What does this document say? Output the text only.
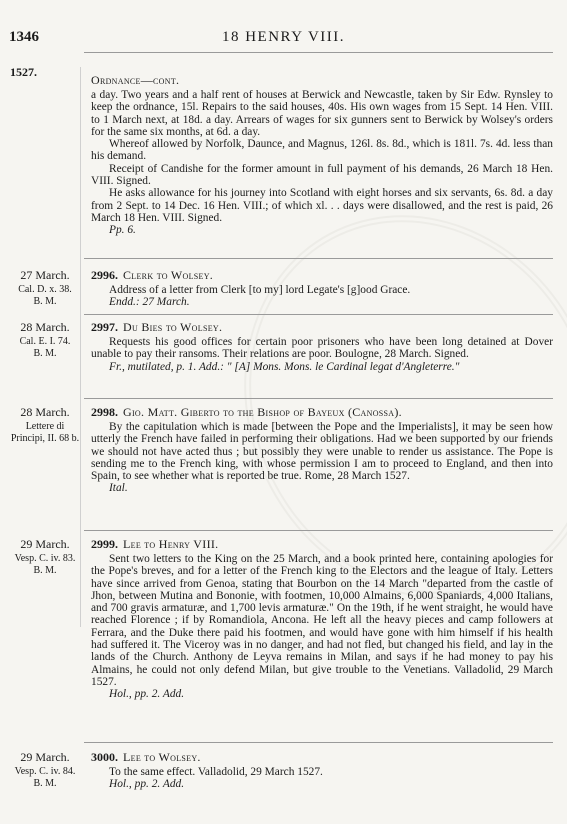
1346	18 HENRY VIII.
1527.
Ordnance—cont.

a day. Two years and a half rent of houses at Berwick and Newcastle, taken by Sir Edw. Rynsley to keep the ordnance, 15l. Repairs to the said houses, 40s. His own wages from 15 Sept. 14 Hen. VIII. to 1 March next, at 18d. a day. Arrears of wages for six gunners sent to Berwick by Wolsey's orders for the same six months, at 6d. a day.

Whereof allowed by Norfolk, Daunce, and Magnus, 126l. 8s. 8d., which is 181l. 7s. 4d. less than his demand.

Receipt of Candishe for the former amount in full payment of his demands, 26 March 18 Hen. VIII. Signed.

He asks allowance for his journey into Scotland with eight horses and six servants, 6s. 8d. a day from 2 Sept. to 14 Dec. 16 Hen. VIII.; of which xl. . . days were disallowed, and the rest is paid, 26 March 18 Hen. VIII. Signed.

Pp. 6.
27 March.
Cal. D. x. 38.
B. M.
2996. Clerk to Wolsey.

Address of a letter from Clerk [to my] lord Legate's [g]ood Grace.

Endd.: 27 March.
28 March.
Cal. E. I. 74.
B. M.
2997. Du Bies to Wolsey.

Requests his good offices for certain poor prisoners who have been long detained at Dover unable to pay their ransoms. Their relations are poor. Boulogne, 28 March. Signed.

Fr., mutilated, p. 1. Add.: " [A] Mons. Mons. le Cardinal legat d'Angleterre."
28 March.
Lettere di Principi, II. 68 b.
2998. Gio. Matt. Giberto to the Bishop of Bayeux (Canossa).

By the capitulation which is made [between the Pope and the Imperialists], it may be seen how utterly the French have failed in performing their obligations. Had we been supported by our friends we should not have acted thus ; but possibly they were unable to render us assistance. The Pope is sending me to the French king, with whose permission I am to proceed to England, and then into Spain, to see whether what is reported be true. Rome, 28 March 1527.

Ital.
29 March.
Vesp. C. iv. 83.
B. M.
2999. Lee to Henry VIII.

Sent two letters to the King on the 25 March, and a book printed here, containing apologies for the Pope's breves, and for a letter of the French king to the Electors and the league of Italy. Letters have since arrived from Genoa, stating that Bourbon on the 14 March "departed from the castle of Jhon, between Mutina and Bononie, with footmen, 10,000 Almains, 6,000 Spaniards, 4,000 Italians, and 700 gravis armaturæ, and 1,700 levis armaturæ." On the 19th, if he went straight, he would have reached Florence ; if by Romandiola, Ancona. He left all the heavy pieces and camp followers at Ferrara, and the Duke there paid his footmen, and would have gone with him himself if his health had suffered it. The Viceroy was in no danger, and had not fled, but changed his field, and lay in the lands of the Church. Anthony de Leyva remains in Milan, and says if he had money to pay his Almains, he could not only defend Milan, but give trouble to the Venetians. Valladolid, 29 March 1527.

Hol., pp. 2. Add.
29 March.
Vesp. C. iv. 84.
B. M.
3000. Lee to Wolsey.

To the same effect. Valladolid, 29 March 1527.

Hol., pp. 2. Add.
